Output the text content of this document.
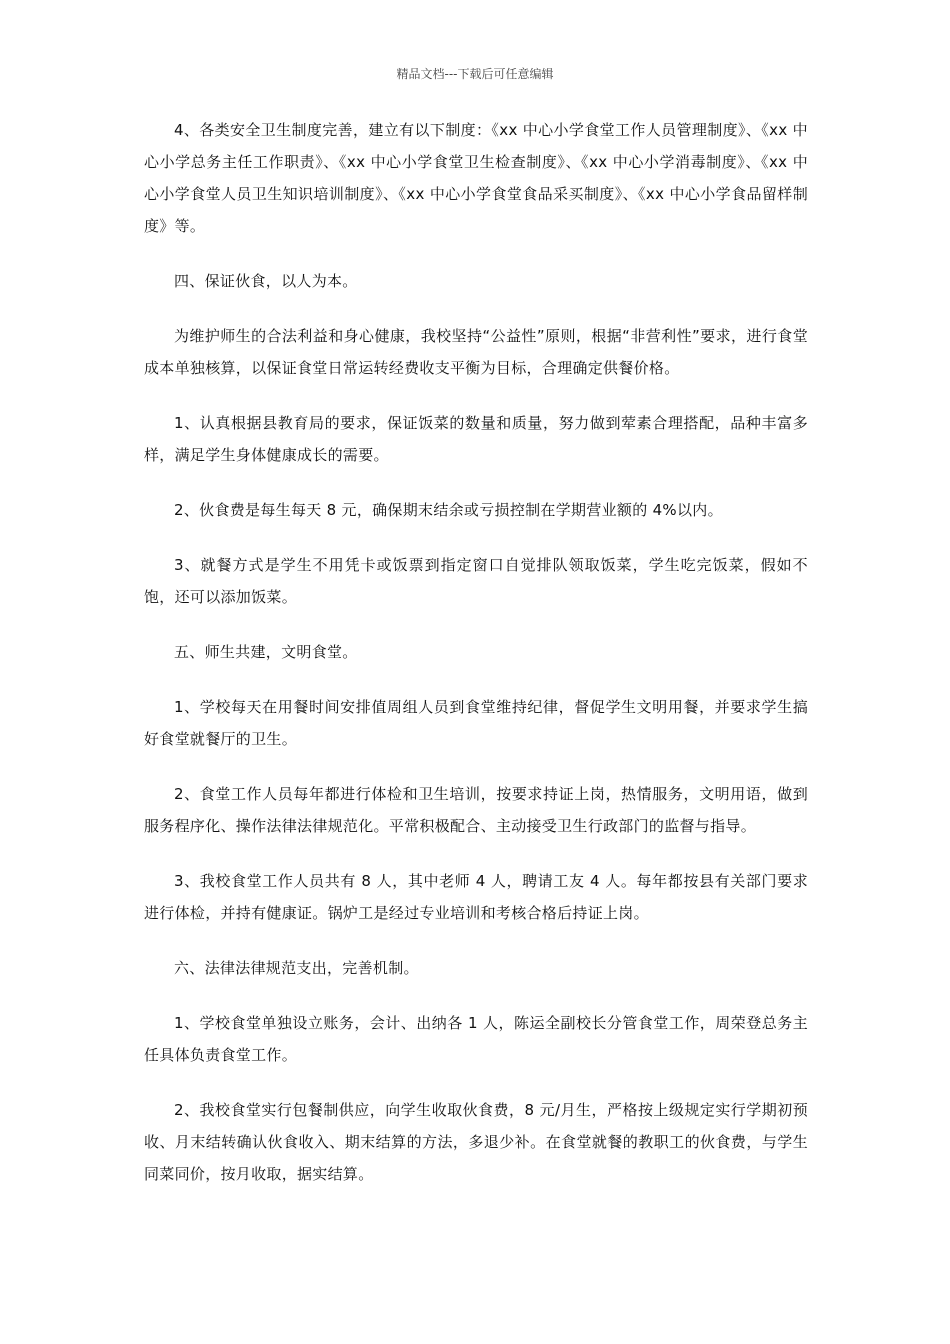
精品文档---下载后可任意编辑

4、各类安全卫生制度完善，建立有以下制度：《xx 中心小学食堂工作人员管理制度》、《xx 中心小学总务主任工作职责》、《xx 中心小学食堂卫生检查制度》、《xx 中心小学消毒制度》、《xx 中心小学食堂人员卫生知识培训制度》、《xx 中心小学食堂食品采买制度》、《xx 中心小学食品留样制度》等。

四、保证伙食，以人为本。

为维护师生的合法利益和身心健康，我校坚持“公益性”原则，根据“非营利性”要求，进行食堂成本单独核算，以保证食堂日常运转经费收支平衡为目标，合理确定供餐价格。

1、认真根据县教育局的要求，保证饭菜的数量和质量，努力做到荤素合理搭配，品种丰富多样，满足学生身体健康成长的需要。

2、伙食费是每生每天 8 元，确保期末结余或亏损控制在学期营业额的 4%以内。

3、就餐方式是学生不用凭卡或饭票到指定窗口自觉排队领取饭菜，学生吃完饭菜，假如不饱，还可以添加饭菜。

五、师生共建，文明食堂。

1、学校每天在用餐时间安排值周组人员到食堂维持纪律，督促学生文明用餐，并要求学生搞好食堂就餐厅的卫生。

2、食堂工作人员每年都进行体检和卫生培训，按要求持证上岗，热情服务，文明用语，做到服务程序化、操作法律法律规范化。平常积极配合、主动接受卫生行政部门的监督与指导。

3、我校食堂工作人员共有 8 人，其中老师 4 人，聘请工友 4 人。每年都按县有关部门要求进行体检，并持有健康证。锅炉工是经过专业培训和考核合格后持证上岗。

六、法律法律规范支出，完善机制。

1、学校食堂单独设立账务，会计、出纳各 1 人，陈运全副校长分管食堂工作，周荣登总务主任具体负责食堂工作。

2、我校食堂实行包餐制供应，向学生收取伙食费，8 元/月生，严格按上级规定实行学期初预收、月末结转确认伙食收入、期末结算的方法，多退少补。在食堂就餐的教职工的伙食费，与学生同菜同价，按月收取，据实结算。
